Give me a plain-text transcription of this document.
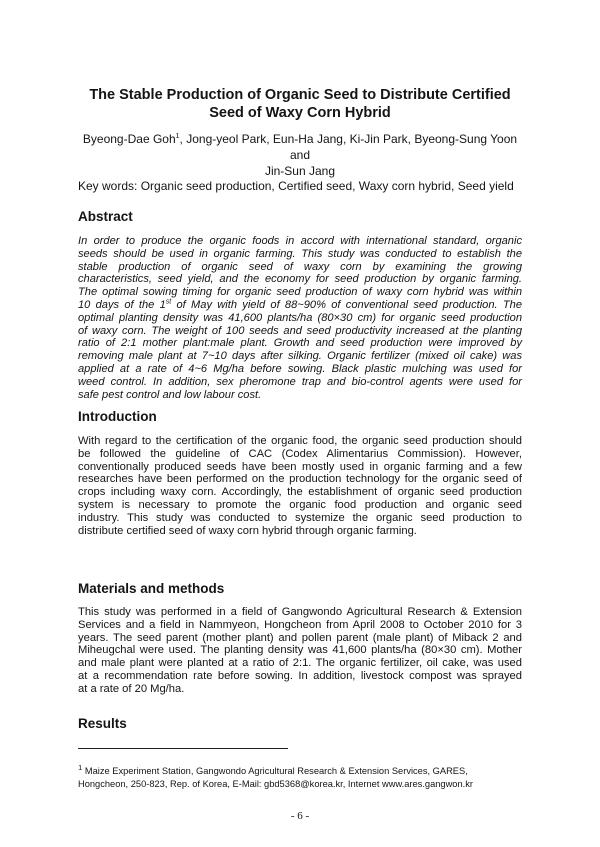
The Stable Production of Organic Seed to Distribute Certified
Seed of Waxy Corn Hybrid
Byeong-Dae Goh$^1$, Jong-yeol Park, Eun-Ha Jang, Ki-Jin Park, Byeong-Sung Yoon and
Jin-Sun Jang
Key words: Organic seed production, Certified seed, Waxy corn hybrid, Seed yield
Abstract
In order to produce the organic foods in accord with international standard, organic
seeds should be used in organic farming. This study was conducted to establish the
stable production of organic seed of waxy corn by examining the growing
characteristics, seed yield, and the economy for seed production by organic farming.
The optimal sowing timing for organic seed production of waxy corn hybrid was within
10 days of the 1st of May with yield of 88~90% of conventional seed production. The
optimal planting density was 41,600 plants/ha (80×30 cm) for organic seed production
of waxy corn. The weight of 100 seeds and seed productivity increased at the planting
ratio of 2:1 mother plant:male plant. Growth and seed production were improved by
removing male plant at 7~10 days after silking. Organic fertilizer (mixed oil cake) was
applied at a rate of 4~6 Mg/ha before sowing. Black plastic mulching was used for
weed control. In addition, sex pheromone trap and bio-control agents were used for
safe pest control and low labour cost.
Introduction
With regard to the certification of the organic food, the organic seed production should
be followed the guideline of CAC (Codex Alimentarius Commission). However,
conventionally produced seeds have been mostly used in organic farming and a few
researches have been performed on the production technology for the organic seed of
crops including waxy corn. Accordingly, the establishment of organic seed production
system is necessary to promote the organic food production and organic seed
industry. This study was conducted to systemize the organic seed production to
distribute certified seed of waxy corn hybrid through organic farming.
Materials and methods
This study was performed in a field of Gangwondo Agricultural Research & Extension
Services and a field in Nammyeon, Hongcheon from April 2008 to October 2010 for 3
years. The seed parent (mother plant) and pollen parent (male plant) of Miback 2 and
Miheugchal were used. The planting density was 41,600 plants/ha (80×30 cm). Mother
and male plant were planted at a ratio of 2:1. The organic fertilizer, oil cake, was used
at a recommendation rate before sowing. In addition, livestock compost was sprayed
at a rate of 20 Mg/ha.
Results
$^1$ Maize Experiment Station, Gangwondo Agricultural Research & Extension Services, GARES,
Hongcheon, 250-823, Rep. of Korea, E-Mail: gbd5368@korea.kr, Internet www.ares.gangwon.kr
- 6 -
